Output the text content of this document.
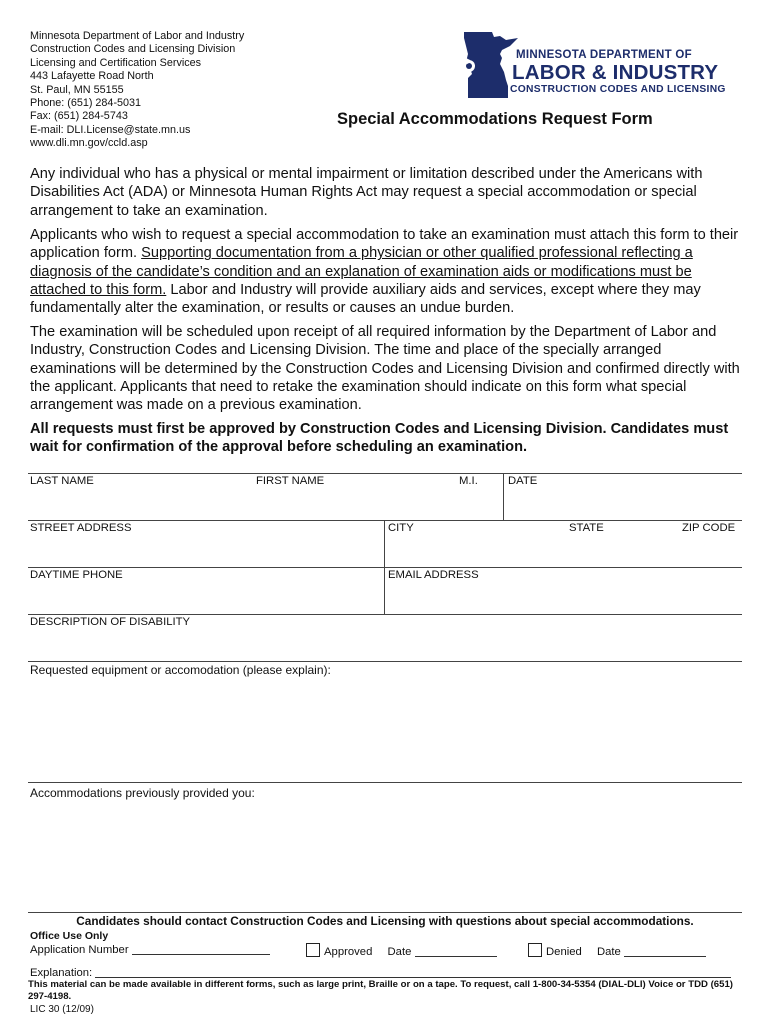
Minnesota Department of Labor and Industry
Construction Codes and Licensing Division
Licensing and Certification Services
443 Lafayette Road North
St. Paul, MN 55155
Phone: (651) 284-5031
Fax: (651) 284-5743
E-mail: DLI.License@state.mn.us
www.dli.mn.gov/ccld.asp
MINNESOTA DEPARTMENT OF
LABOR & INDUSTRY
CONSTRUCTION CODES AND LICENSING
Special Accommodations Request Form
Any individual who has a physical or mental impairment or limitation described under the Americans with Disabilities Act (ADA) or Minnesota Human Rights Act may request a special accommodation or special arrangement to take an examination.
Applicants who wish to request a special accommodation to take an examination must attach this form to their application form. Supporting documentation from a physician or other qualified professional reflecting a diagnosis of the candidate’s condition and an explanation of examination aids or modifications must be attached to this form. Labor and Industry will provide auxiliary aids and services, except where they may fundamentally alter the examination, or results or causes an undue burden.
The examination will be scheduled upon receipt of all required information by the Department of Labor and Industry, Construction Codes and Licensing Division. The time and place of the specially arranged examinations will be determined by the Construction Codes and Licensing Division and confirmed directly with the applicant. Applicants that need to retake the examination should indicate on this form what special arrangement was made on a previous examination.
All requests must first be approved by Construction Codes and Licensing Division. Candidates must wait for confirmation of the approval before scheduling an examination.
LAST NAME	FIRST NAME	M.I.	DATE
STREET ADDRESS	CITY	STATE	ZIP CODE
DAYTIME PHONE	EMAIL ADDRESS
DESCRIPTION OF DISABILITY
Requested equipment or accomodation (please explain):
Accommodations previously provided you:
Candidates should contact Construction Codes and Licensing with questions about special accommodations.
Office Use Only
Application Number	Approved Date	Denied Date
Explanation:
This material can be made available in different forms, such as large print, Braille or on a tape. To request, call 1-800-34-5354 (DIAL-DLI) Voice or TDD (651) 297-4198.
LIC 30 (12/09)
